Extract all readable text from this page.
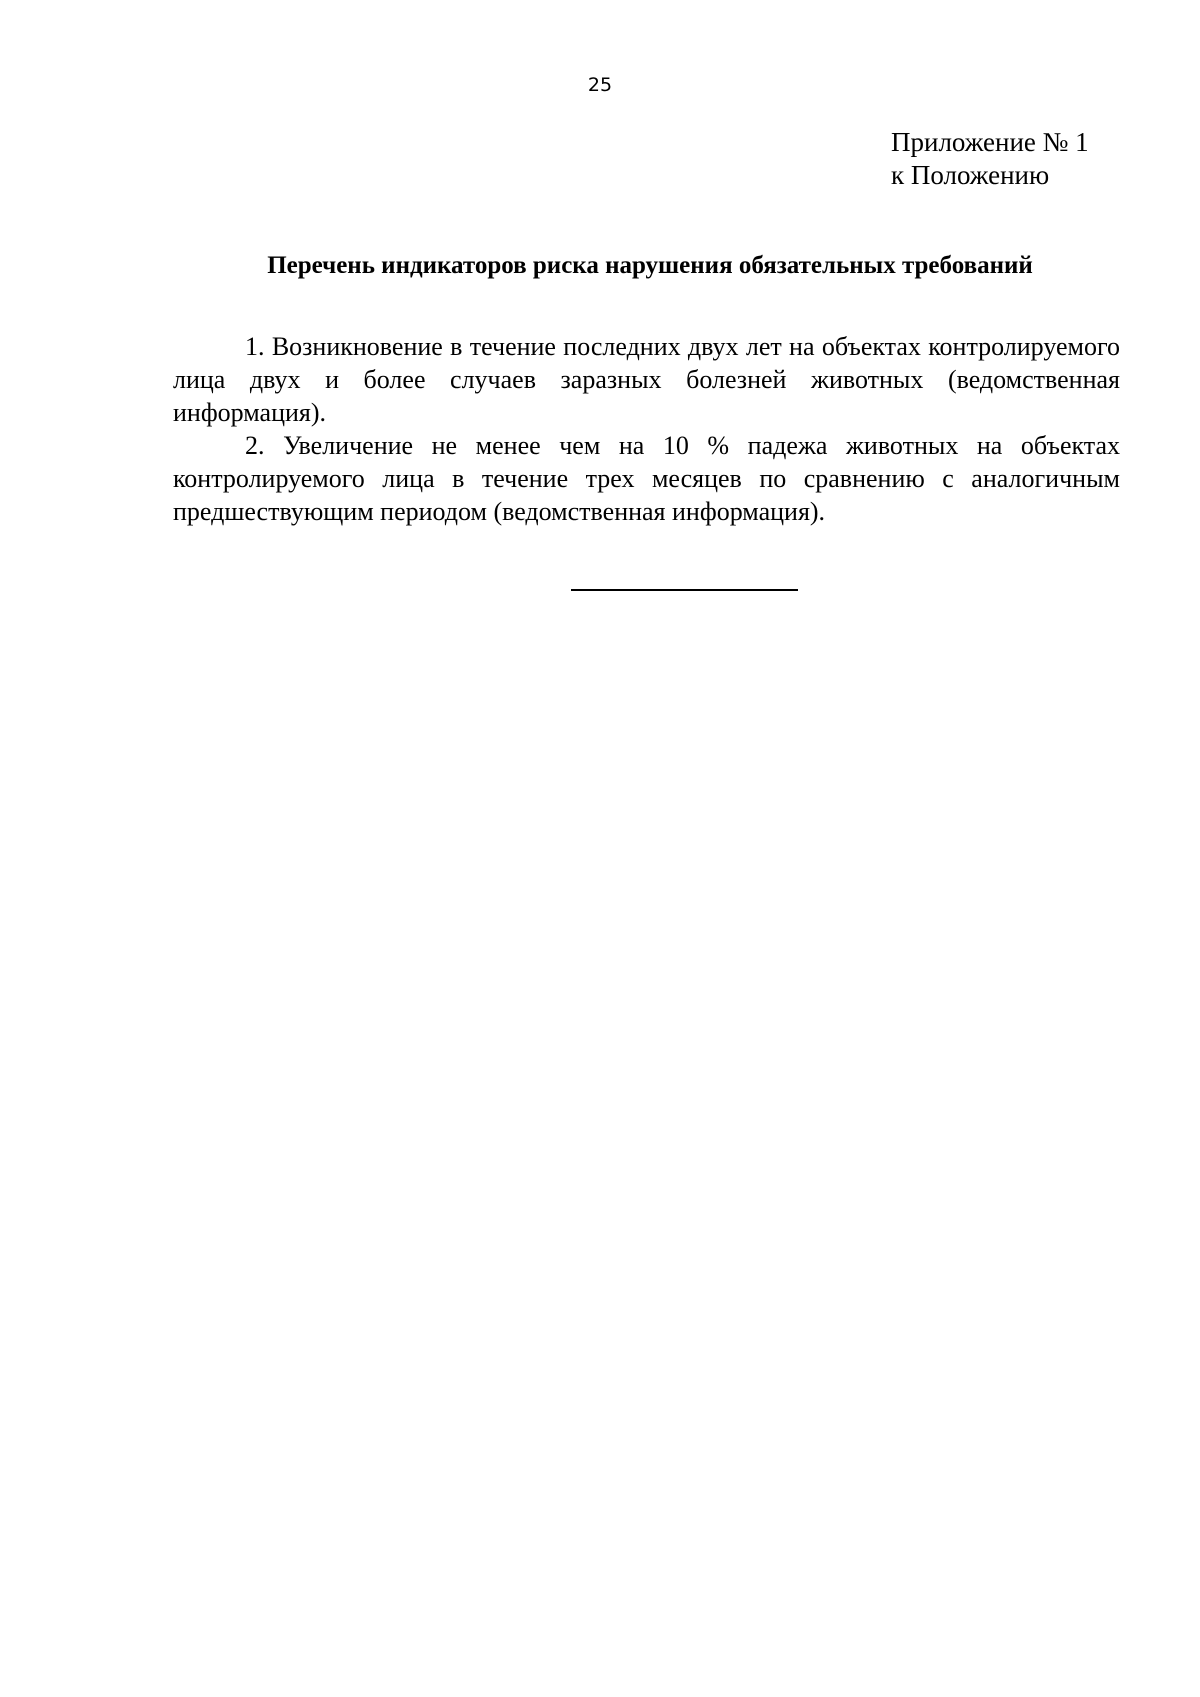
25
Приложение № 1
к Положению
Перечень индикаторов риска нарушения обязательных требований

1. Возникновение в течение последних двух лет на объектах контролируемого лица двух и более случаев заразных болезней животных (ведомственная информация).

2. Увеличение не менее чем на 10 % падежа животных на объектах контролируемого лица в течение трех месяцев по сравнению с аналогичным предшествующим периодом (ведомственная информация).
